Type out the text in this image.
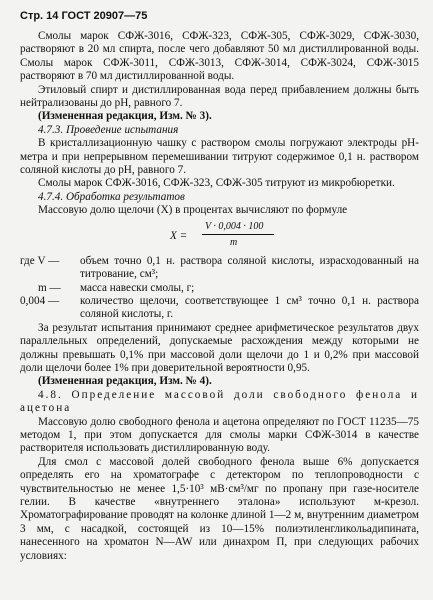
Стр. 14 ГОСТ 20907—75

Смолы марок СФЖ-3016, СФЖ-323, СФЖ-305, СФЖ-3029, СФЖ-3030, растворяют в 20 мл спирта, после чего добавляют 50 мл дистиллированной воды. Смолы марок СФЖ-3011, СФЖ-3013, СФЖ-3014, СФЖ-3024, СФЖ-3015 растворяют в 70 мл дистиллированной воды.

Этиловый спирт и дистиллированная вода перед прибавлением должны быть нейтрализованы до pH, равного 7.

(Измененная редакция, Изм. № 3).

4.7.3. Проведение испытания

В кристаллизационную чашку с раствором смолы погружают электроды pH-метра и при непрерывном перемешивании титруют содержимое 0,1 н. раствором соляной кислоты до pH, равного 7.

Смолы марок СФЖ-3016, СФЖ-323, СФЖ-305 титруют из микробюретки.

4.7.4. Обработка результатов

Массовую долю щелочи (X) в процентах вычисляют по формуле

X =
V · 0,004 · 100
m
где V — объем точно 0,1 н. раствора соляной кислоты, израсходованный на титрование, см³;
m — масса навески смолы, г;
0,004 — количество щелочи, соответствующее 1 см³ точно 0,1 н. раствора соляной кислоты, г.

За результат испытания принимают среднее арифметическое результатов двух параллельных определений, допускаемые расхождения между которыми не должны превышать 0,1% при массовой доли щелочи до 1 и 0,2% при массовой доли щелочи более 1% при доверительной вероятности 0,95.

(Измененная редакция, Изм. № 4).

4.8. Определение массовой доли свободного фенола и ацетона

Массовую долю свободного фенола и ацетона определяют по ГОСТ 11235—75 методом 1, при этом допускается для смолы марки СФЖ-3014 в качестве растворителя использовать дистиллированную воду.

Для смол с массовой долей свободного фенола выше 6% допускается определять его на хроматографе с детектором по теплопроводности с чувствительностью не менее 1,5·10³ мВ·см³/мг по пропану при газе-носителе гелии. В качестве «внутреннего эталона» используют м-крезол. Хроматографирование проводят на колонке длиной 1—2 м, внутренним диаметром 3 мм, с насадкой, состоящей из 10—15% полиэтиленгликольадипината, нанесенного на хроматон N—AW или динахром П, при следующих рабочих условиях:
